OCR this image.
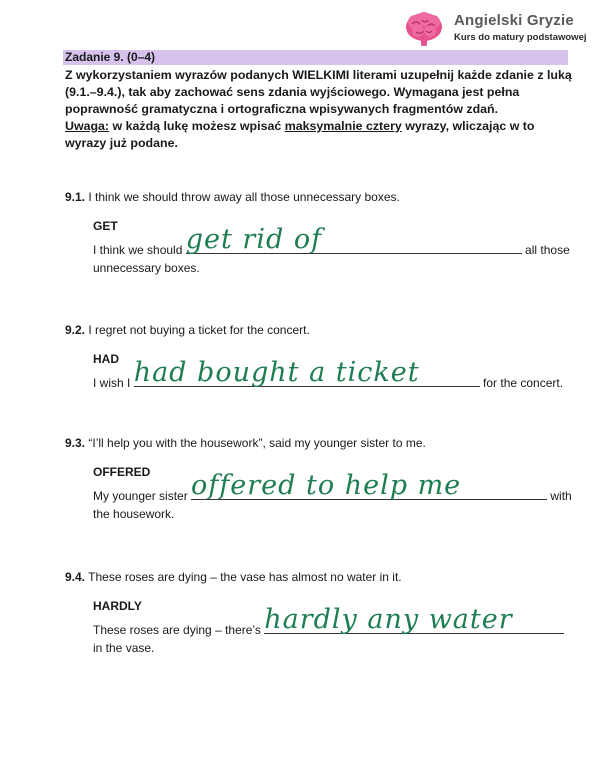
Angielski Gryzie
Kurs do matury podstawowej
Zadanie 9. (0–4)

Z wykorzystaniem wyrazów podanych WIELKIMI literami uzupełnij każde zdanie z luką

(9.1.–9.4.), tak aby zachować sens zdania wyjściowego. Wymagana jest pełna

poprawność gramatyczna i ortograficzna wpisywanych fragmentów zdań.

Uwaga: w każdą lukę możesz wpisać maksymalnie cztery wyrazy, wliczając w to

wyrazy już podane.

9.1. I think we should throw away all those unnecessary boxes.
GET
I think we should get rid of	all those
unnecessary boxes.
9.2. I regret not buying a ticket for the concert.
HAD
I wish I had bought a ticket	for the concert.
9.3. “I’ll help you with the housework”, said my younger sister to me.
OFFERED
My younger sister offered to help me	with
the housework.
9.4. These roses are dying – the vase has almost no water in it.
HARDLY
These roses are dying – there’s hardly any water
in the vase.
